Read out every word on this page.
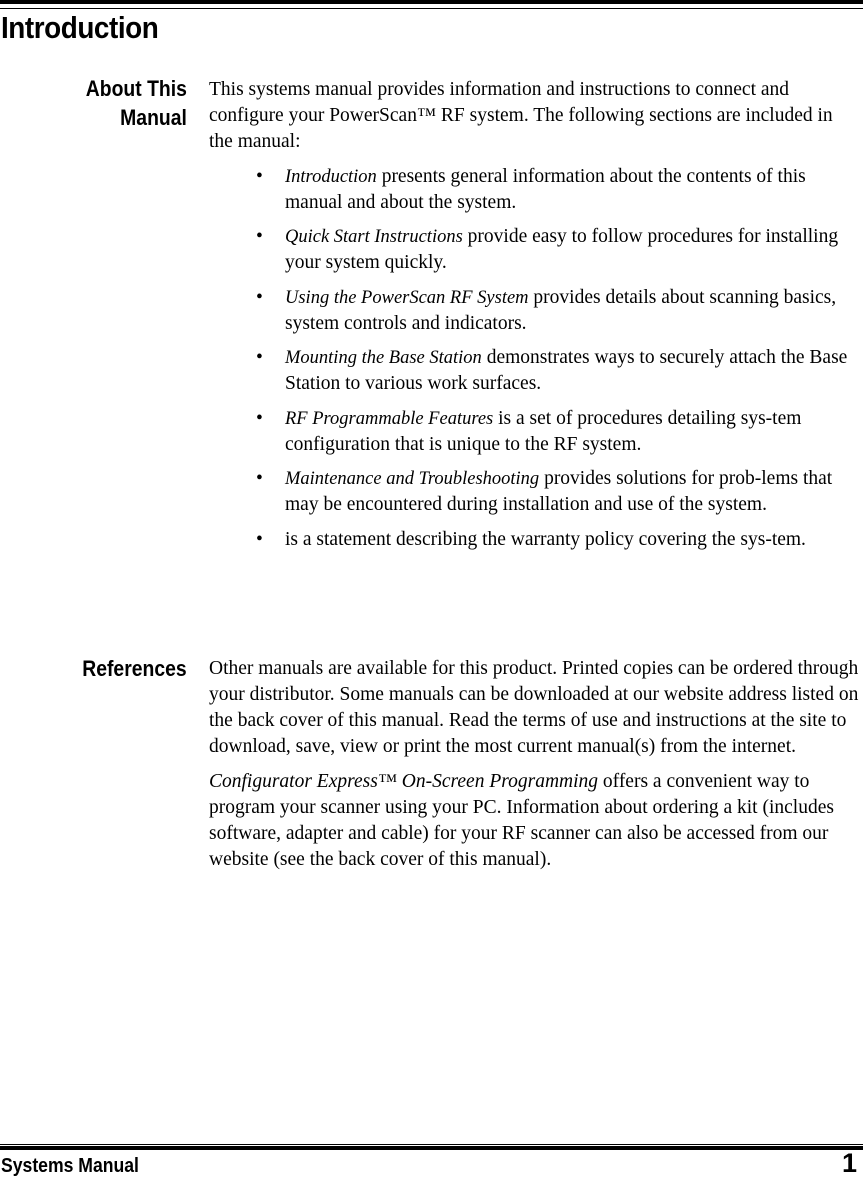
Introduction
About This
Manual

This systems manual provides information and instructions to connect and configure your PowerScan™ RF system. The following sections are included in the manual:

• Introduction presents general information about the contents of this manual and about the system.
• Quick Start Instructions provide easy to follow procedures for installing your system quickly.
• Using the PowerScan RF System provides details about scanning basics, system controls and indicators.
• Mounting the Base Station demonstrates ways to securely attach the Base Station to various work surfaces.
• RF Programmable Features is a set of procedures detailing sys-tem configuration that is unique to the RF system.
• Maintenance and Troubleshooting provides solutions for prob-lems that may be encountered during installation and use of the system.
• is a statement describing the warranty policy covering the sys-tem.
References Other manuals are available for this product. Printed copies can be ordered through your distributor. Some manuals can be downloaded at our website address listed on the back cover of this manual. Read the terms of use and instructions at the site to download, save, view or print the most current manual(s) from the internet.

Configurator Express™ On-Screen Programming offers a convenient way to program your scanner using your PC. Information about ordering a kit (includes software, adapter and cable) for your RF scanner can also be accessed from our website (see the back cover of this manual).

Systems Manual	1
